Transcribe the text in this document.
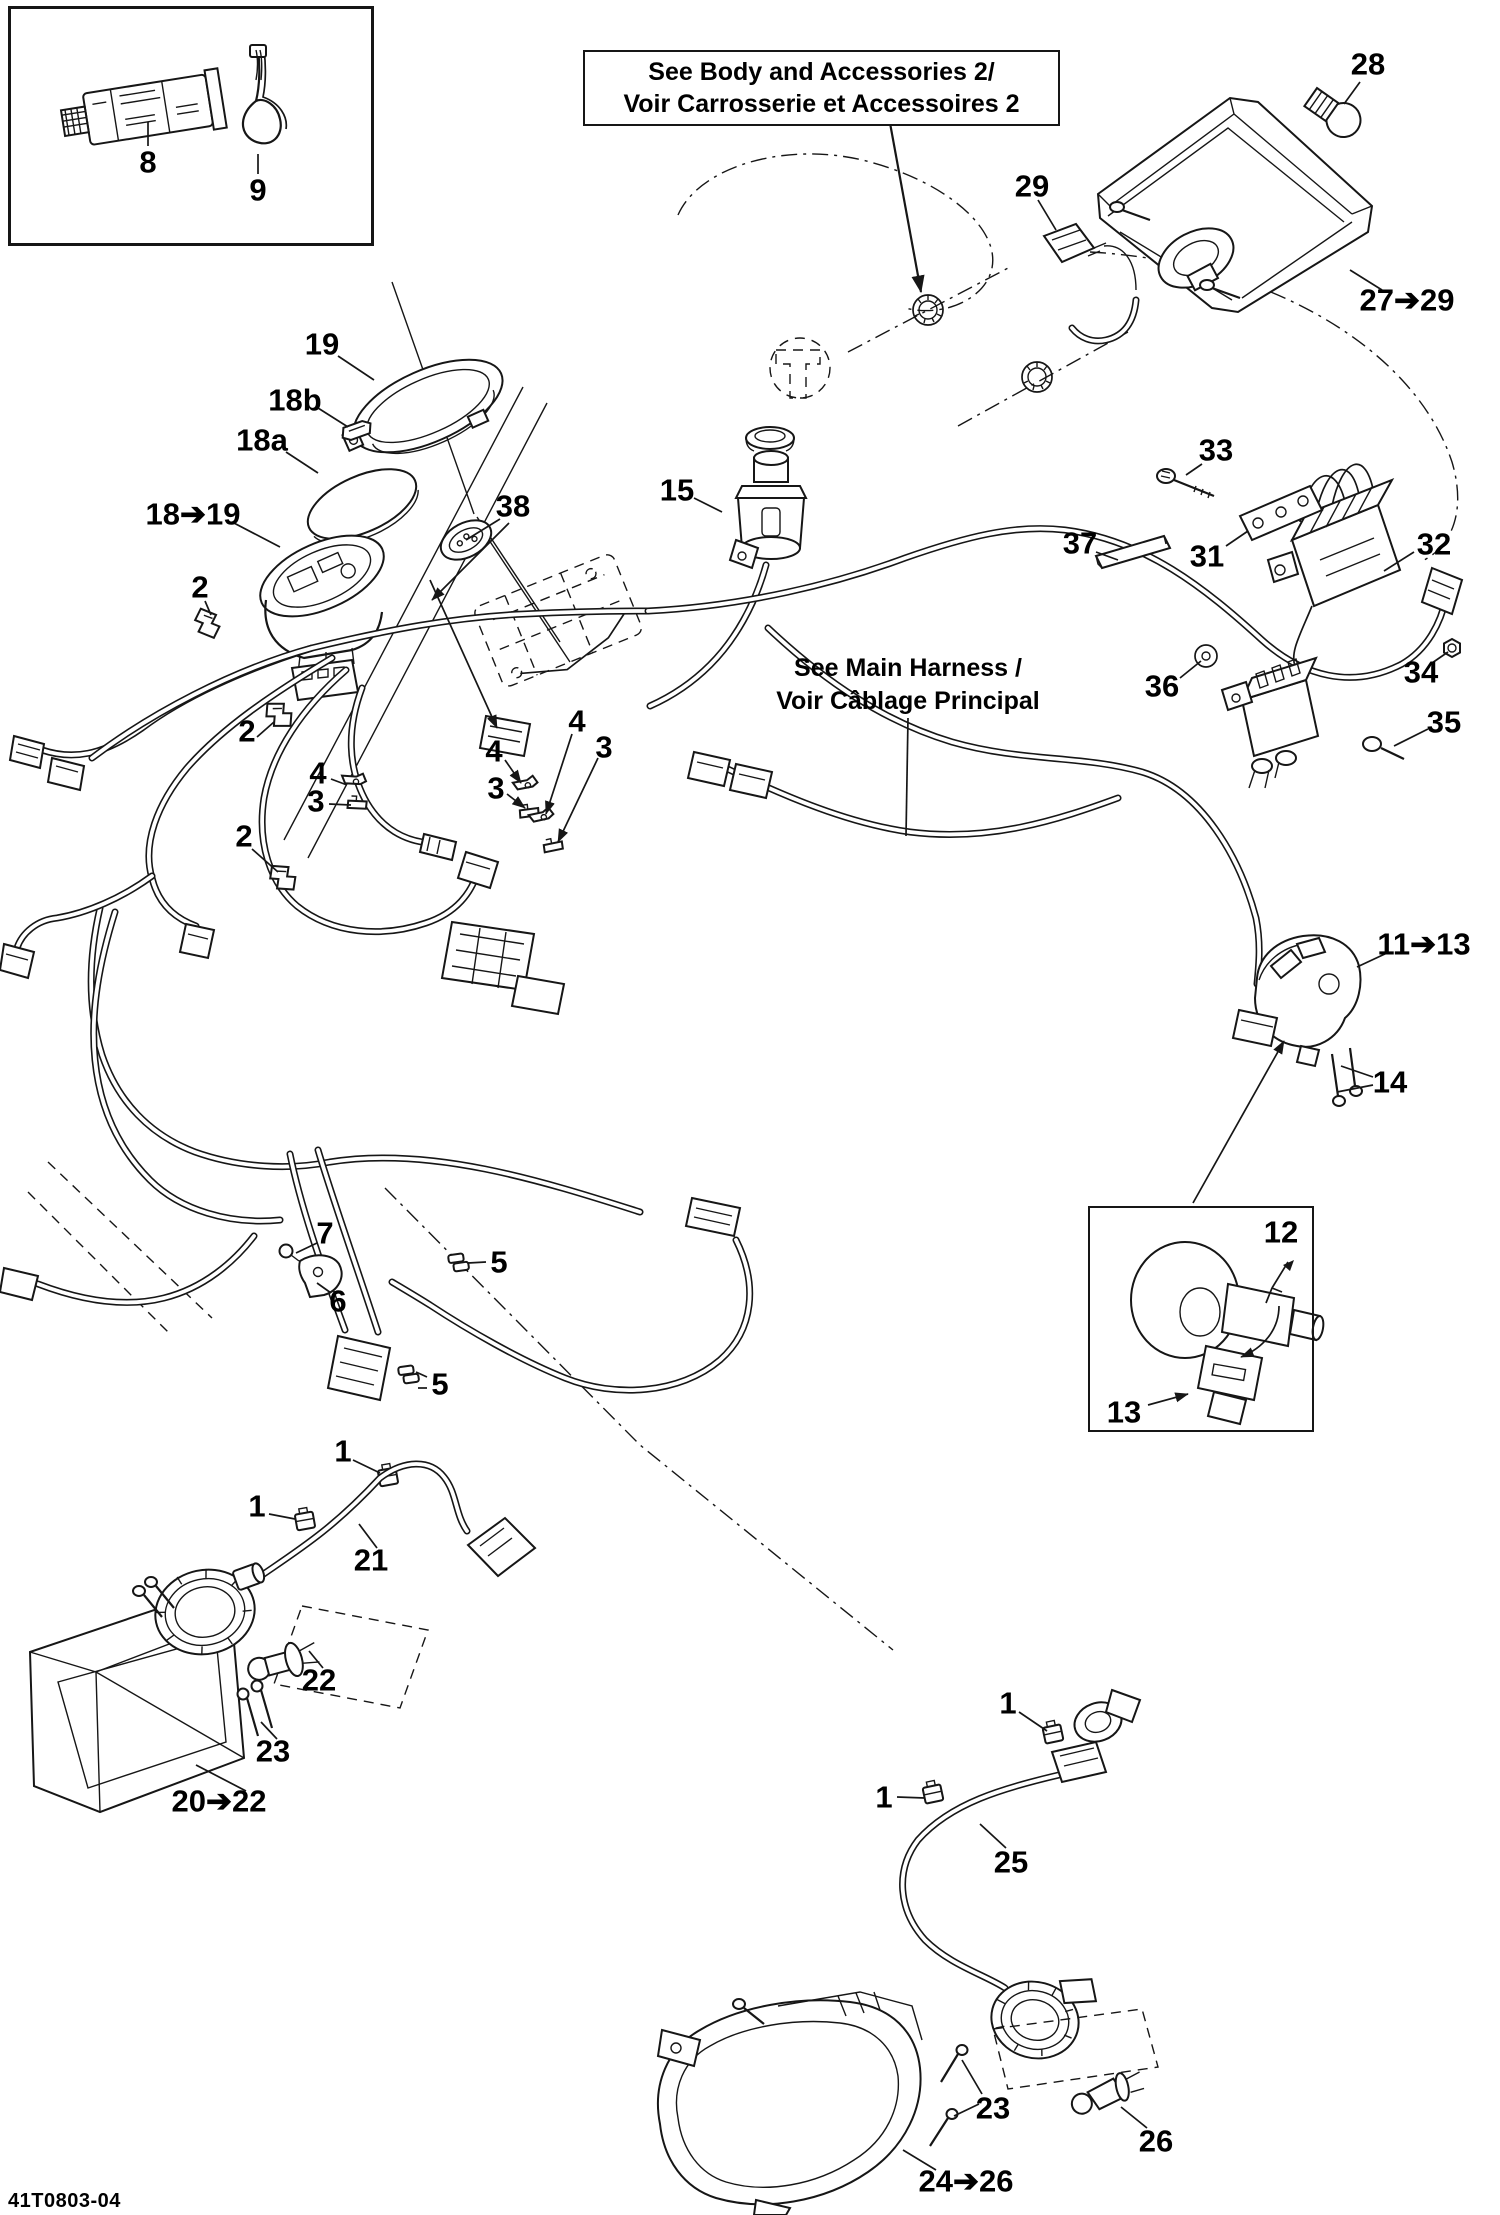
See Body and Accessories 2/
Voir Carrosserie et Accessoires 2
See Main Harness /
Voir Câblage Principal
41T0803-04
8
9
19
18b
18a
18➔19
15
28
29
27➔29
33
37	31	32
36	34
35
38
2
2
2
4
3
4
3
4
3
11➔13
14
12
13
7
6
5
5
1
1
21
22
23
20➔22
1
1
25
23
26
24➔26
